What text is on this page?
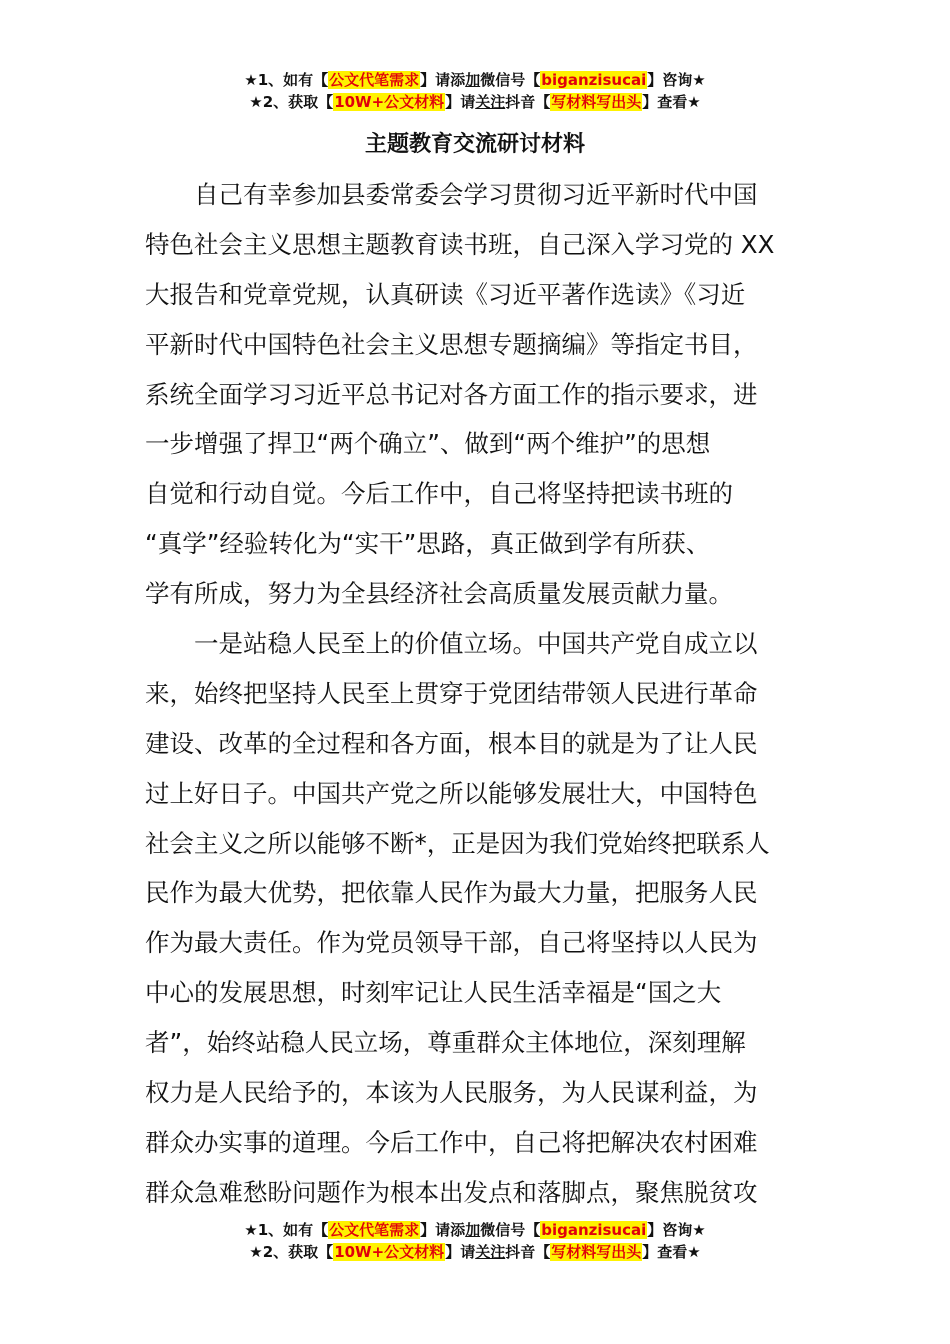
★1、如有【公文代笔需求】请添加微信号【biganzisucai】咨询★
★2、获取【10W+公文材料】请关注抖音【写材料写出头】查看★
主题教育交流研讨材料
自己有幸参加县委常委会学习贯彻习近平新时代中国
特色社会主义思想主题教育读书班，自己深入学习党的 XX
大报告和党章党规，认真研读《习近平著作选读》《习近
平新时代中国特色社会主义思想专题摘编》等指定书目，
系统全面学习习近平总书记对各方面工作的指示要求，进
一步增强了捍卫“两个确立”、做到“两个维护”的思想
自觉和行动自觉。今后工作中，自己将坚持把读书班的
“真学”经验转化为“实干”思路，真正做到学有所获、
学有所成，努力为全县经济社会高质量发展贡献力量。
一是站稳人民至上的价值立场。中国共产党自成立以
来，始终把坚持人民至上贯穿于党团结带领人民进行革命
建设、改革的全过程和各方面，根本目的就是为了让人民
过上好日子。中国共产党之所以能够发展壮大，中国特色
社会主义之所以能够不断*，正是因为我们党始终把联系人
民作为最大优势，把依靠人民作为最大力量，把服务人民
作为最大责任。作为党员领导干部，自己将坚持以人民为
中心的发展思想，时刻牢记让人民生活幸福是“国之大
者”，始终站稳人民立场，尊重群众主体地位，深刻理解
权力是人民给予的，本该为人民服务，为人民谋利益，为
群众办实事的道理。今后工作中，自己将把解决农村困难
群众急难愁盼问题作为根本出发点和落脚点，聚焦脱贫攻
★1、如有【公文代笔需求】请添加微信号【biganzisucai】咨询★
★2、获取【10W+公文材料】请关注抖音【写材料写出头】查看★
